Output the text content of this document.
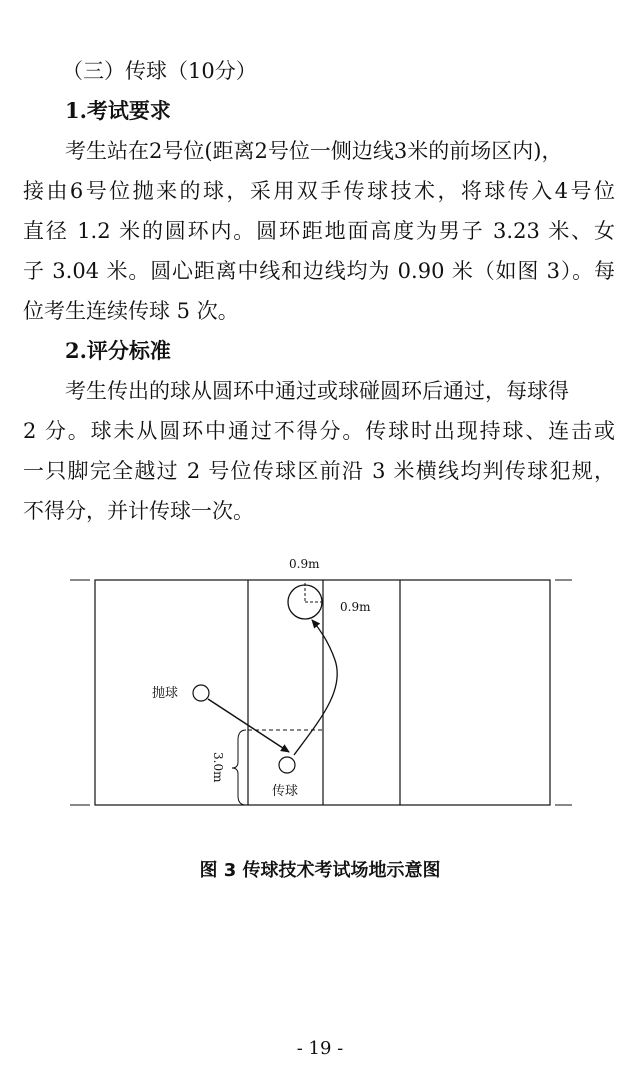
（三）传球（10分）
1.考试要求
考生站在2号位(距离2号位一侧边线3米的前场区内)，
接由6号位抛来的球，采用双手传球技术，将球传入4号位
直径 1.2 米的圆环内。圆环距地面高度为男子 3.23 米、女
子 3.04 米。圆心距离中线和边线均为 0.90 米（如图 3）。每
位考生连续传球 5 次。
2.评分标准
考生传出的球从圆环中通过或球碰圆环后通过，每球得
2 分。球未从圆环中通过不得分。传球时出现持球、连击或
一只脚完全越过 2 号位传球区前沿 3 米横线均判传球犯规，
不得分，并计传球一次。
0.9m
0.9m
抛球
传球
3.0m
图 3 传球技术考试场地示意图
- 19 -
